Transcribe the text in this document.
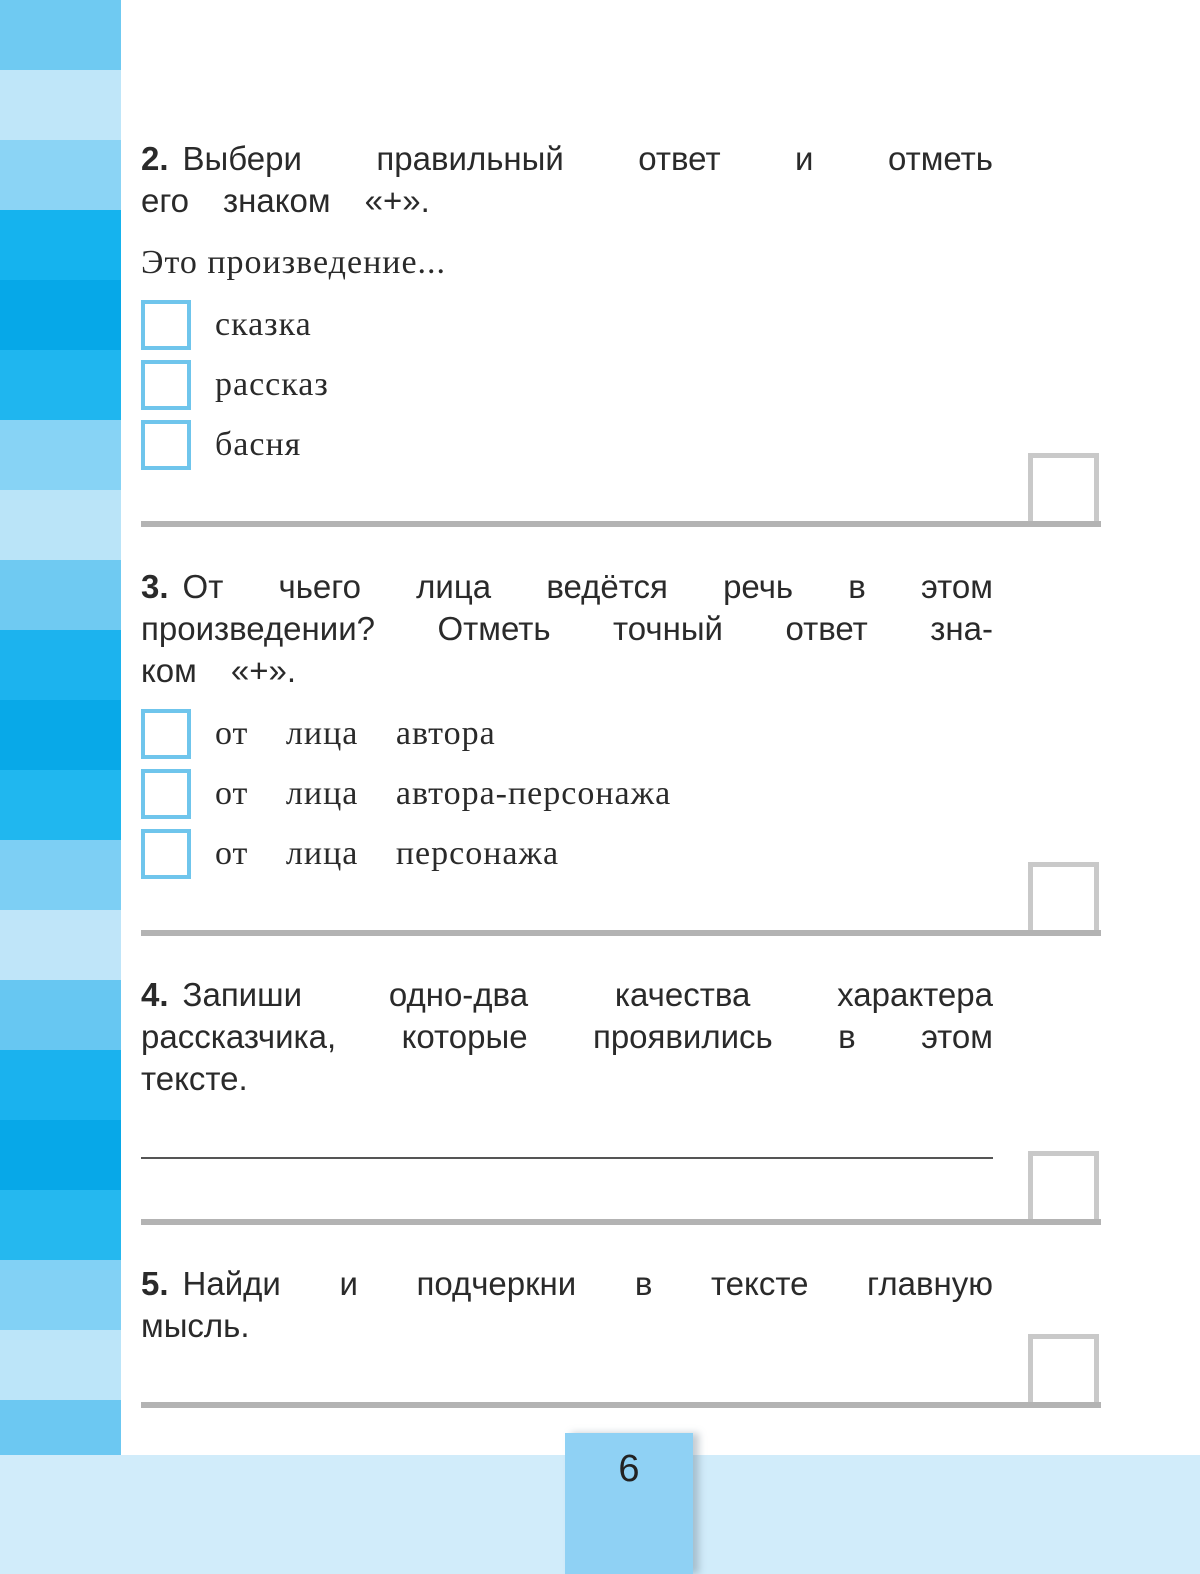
6
2. Выбери правильный ответ и отметь
его знаком «+».
Это произведение...
сказка
рассказ
басня
3. От чьего лица ведётся речь в этом
произведении? Отметь точный ответ зна-
ком «+».
от лица автора
от лица автора-персонажа
от лица персонажа
4. Запиши	одно-два	качества	характера
рассказчика, которые проявились в этом
тексте.
5. Найди и подчеркни в тексте главную
мысль.
